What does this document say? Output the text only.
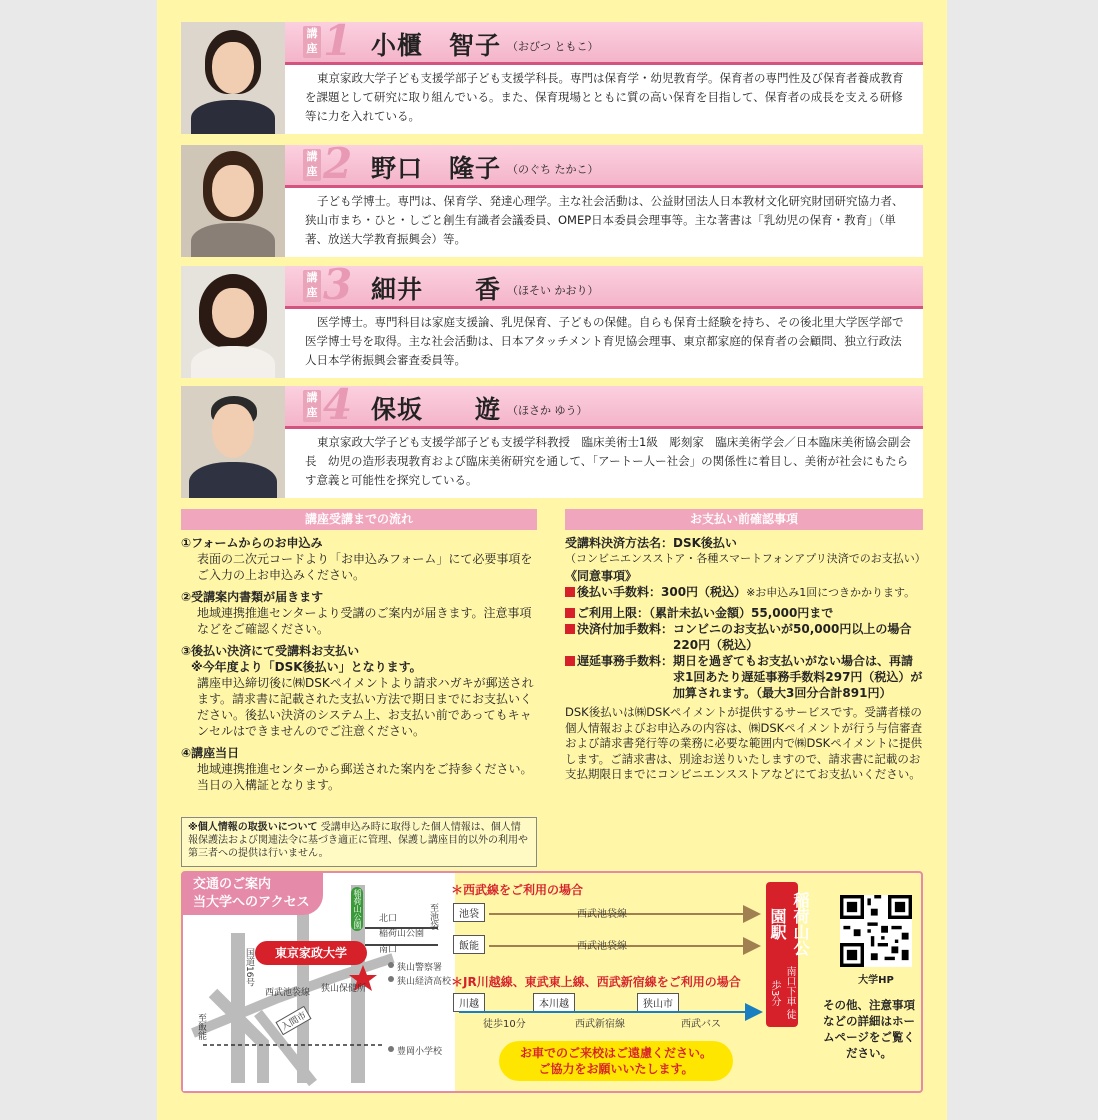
講座 1 小櫃　智子 （おびつ ともこ）
東京家政大学子ども支援学部子ども支援学科長。専門は保育学・幼児教育学。保育者の専門性及び保育者養成教育を課題として研究に取り組んでいる。また、保育現場とともに質の高い保育を目指して、保育者の成長を支える研修等に力を入れている。
講座 2 野口　隆子 （のぐち たかこ）
子ども学博士。専門は、保育学、発達心理学。主な社会活動は、公益財団法人日本教材文化研究財団研究協力者、狭山市まち・ひと・しごと創生有識者会議委員、OMEP日本委員会理事等。主な著書は「乳幼児の保育・教育」（単著、放送大学教育振興会）等。
講座 3 細井　　香 （ほそい かおり）
医学博士。専門科目は家庭支援論、乳児保育、子どもの保健。自らも保育士経験を持ち、その後北里大学医学部で医学博士号を取得。主な社会活動は、日本アタッチメント育児協会理事、東京都家庭的保育者の会顧問、独立行政法人日本学術振興会審査委員等。
講座 4 保坂　　遊 （ほさか ゆう）
東京家政大学子ども支援学部子ども支援学科教授　臨床美術士1級　彫刻家　臨床美術学会／日本臨床美術協会副会長　幼児の造形表現教育および臨床美術研究を通して、「アートー人ー社会」の関係性に着目し、美術が社会にもたらす意義と可能性を探究している。
講座受講までの流れ
①フォームからのお申込み
表面の二次元コードより「お申込みフォーム」にて必要事項をご入力の上お申込みください。
②受講案内書類が届きます
地域連携推進センターより受講のご案内が届きます。注意事項などをご確認ください。
③後払い決済にて受講料お支払い
※今年度より「DSK後払い」となります。
講座申込締切後に㈱DSKペイメントより請求ハガキが郵送されます。請求書に記載された支払い方法で期日までにお支払いください。後払い決済のシステム上、お支払い前であってもキャンセルはできませんのでご注意ください。
④講座当日
地域連携推進センターから郵送された案内をご持参ください。当日の入構証となります。
※個人情報の取扱いについて 受講申込み時に取得した個人情報は、個人情報保護法および関連法令に基づき適正に管理、保護し講座目的以外の利用や第三者への提供は行いません。
お支払い前確認事項
受講料決済方法名：DSK後払い
（コンビニエンスストア・各種スマートフォンアプリ決済でのお支払い）
《同意事項》
後払い手数料：300円（税込）※お申込み1回につきかかります。
ご利用上限：（累計未払い金額）55,000円まで
決済付加手数料： コンビニのお支払いが50,000円以上の場合　220円（税込）
遅延事務手数料： 期日を過ぎてもお支払いがない場合は、再請求1回あたり遅延事務手数料297円（税込）が加算されます。（最大3回分合計891円）
DSK後払いは㈱DSKペイメントが提供するサービスです。受講者様の個人情報およびお申込みの内容は、㈱DSKペイメントが行う与信審査および請求書発行等の業務に必要な範囲内で㈱DSKペイメントに提供します。ご請求書は、別途お送りいたしますので、請求書に記載のお支払期限日までにコンビニエンスストアなどにてお支払いください。
交通のご案内
当大学へのアクセス
東京家政大学
稲荷山公園 北口
稲荷山公園
南口
至池袋
国道16号
西武池袋線 狭山保健所
狭山警察署
狭山経済高校
入間市
至飯能
豊岡小学校
＊西武線をご利用の場合
池袋	西武池袋線
飯能	西武池袋線
＊JR川越線、東武東上線、西武新宿線をご利用の場合
川越	本川越	狭山市
徒歩10分	西武新宿線	西武バス
稲荷山公園駅
南口下車 徒歩3分
お車でのご来校はご遠慮ください。
ご協力をお願いいたします。
大学HP
その他、注意事項などの詳細はホームページをご覧ください。
